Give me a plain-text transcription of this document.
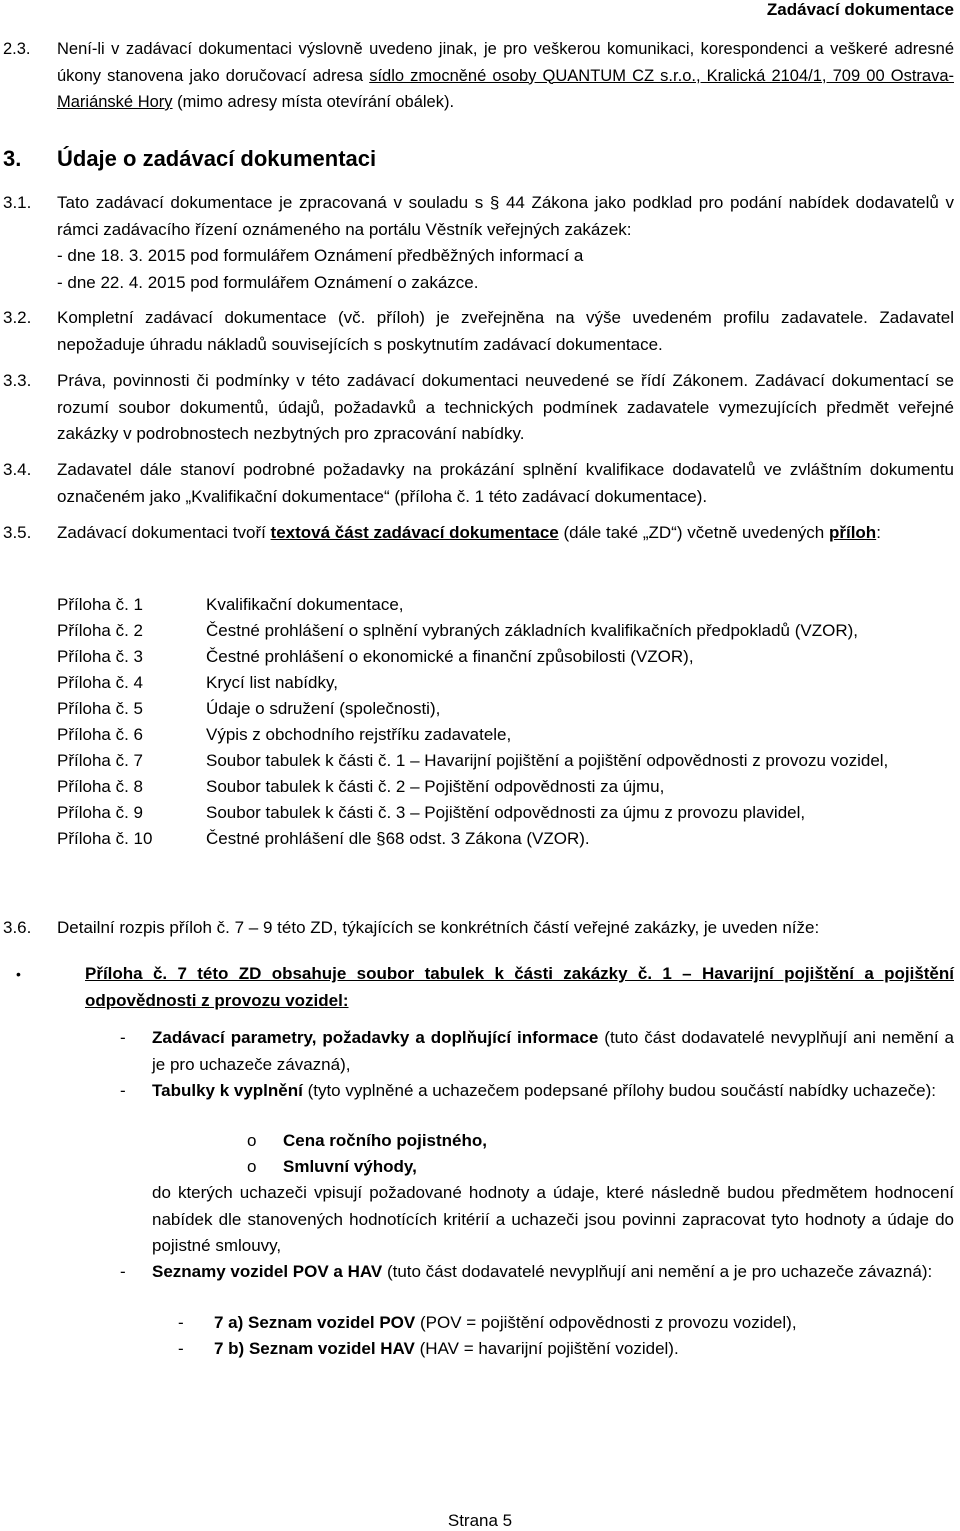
Zadávací dokumentace
2.3. Není-li v zadávací dokumentaci výslovně uvedeno jinak, je pro veškerou komunikaci, korespondenci a veškeré adresné úkony stanovena jako doručovací adresa sídlo zmocněné osoby QUANTUM CZ s.r.o., Kralická 2104/1, 709 00 Ostrava-Mariánské Hory (mimo adresy místa otevírání obálek).
3. Údaje o zadávací dokumentaci
3.1. Tato zadávací dokumentace je zpracovaná v souladu s § 44 Zákona jako podklad pro podání nabídek dodavatelů v rámci zadávacího řízení oznámeného na portálu Věstník veřejných zakázek:
- dne 18. 3. 2015 pod formulářem Oznámení předběžných informací a
- dne 22. 4. 2015 pod formulářem Oznámení o zakázce.
3.2. Kompletní zadávací dokumentace (vč. příloh) je zveřejněna na výše uvedeném profilu zadavatele. Zadavatel nepožaduje úhradu nákladů souvisejících s poskytnutím zadávací dokumentace.
3.3. Práva, povinnosti či podmínky v této zadávací dokumentaci neuvedené se řídí Zákonem. Zadávací dokumentací se rozumí soubor dokumentů, údajů, požadavků a technických podmínek zadavatele vymezujících předmět veřejné zakázky v podrobnostech nezbytných pro zpracování nabídky.
3.4. Zadavatel dále stanoví podrobné požadavky na prokázání splnění kvalifikace dodavatelů ve zvláštním dokumentu označeném jako „Kvalifikační dokumentace“ (příloha č. 1 této zadávací dokumentace).
3.5. Zadávací dokumentaci tvoří textová část zadávací dokumentace (dále také „ZD“) včetně uvedených příloh:
Příloha č. 1	Kvalifikační dokumentace,
Příloha č. 2	Čestné prohlášení o splnění vybraných základních kvalifikačních předpokladů (VZOR),
Příloha č. 3	Čestné prohlášení o ekonomické a finanční způsobilosti (VZOR),
Příloha č. 4	Krycí list nabídky,
Příloha č. 5	Údaje o sdružení (společnosti),
Příloha č. 6	Výpis z obchodního rejstříku zadavatele,
Příloha č. 7	Soubor tabulek k části č. 1 – Havarijní pojištění a pojištění odpovědnosti z provozu vozidel,
Příloha č. 8	Soubor tabulek k části č. 2 – Pojištění odpovědnosti za újmu,
Příloha č. 9	Soubor tabulek k části č. 3 – Pojištění odpovědnosti za újmu z provozu plavidel,
Příloha č. 10	Čestné prohlášení dle §68 odst. 3 Zákona (VZOR).
3.6. Detailní rozpis příloh č. 7 – 9 této ZD, týkajících se konkrétních částí veřejné zakázky, je uveden níže:
•	Příloha č. 7 této ZD obsahuje soubor tabulek k části zakázky č. 1 – Havarijní pojištění a pojištění odpovědnosti z provozu vozidel:
- Zadávací parametry, požadavky a doplňující informace (tuto část dodavatelé nevyplňují ani nemění a je pro uchazeče závazná),
- Tabulky k vyplnění (tyto vyplněné a uchazečem podepsané přílohy budou součástí nabídky uchazeče):
o Cena ročního pojistného,
o Smluvní výhody,
do kterých uchazeči vpisují požadované hodnoty a údaje, které následně budou předmětem hodnocení nabídek dle stanovených hodnotících kritérií a uchazeči jsou povinni zapracovat tyto hodnoty a údaje do pojistné smlouvy,
- Seznamy vozidel POV a HAV (tuto část dodavatelé nevyplňují ani nemění a je pro uchazeče závazná):
- 7 a) Seznam vozidel POV (POV = pojištění odpovědnosti z provozu vozidel),
- 7 b) Seznam vozidel HAV (HAV = havarijní pojištění vozidel).
Strana 5
